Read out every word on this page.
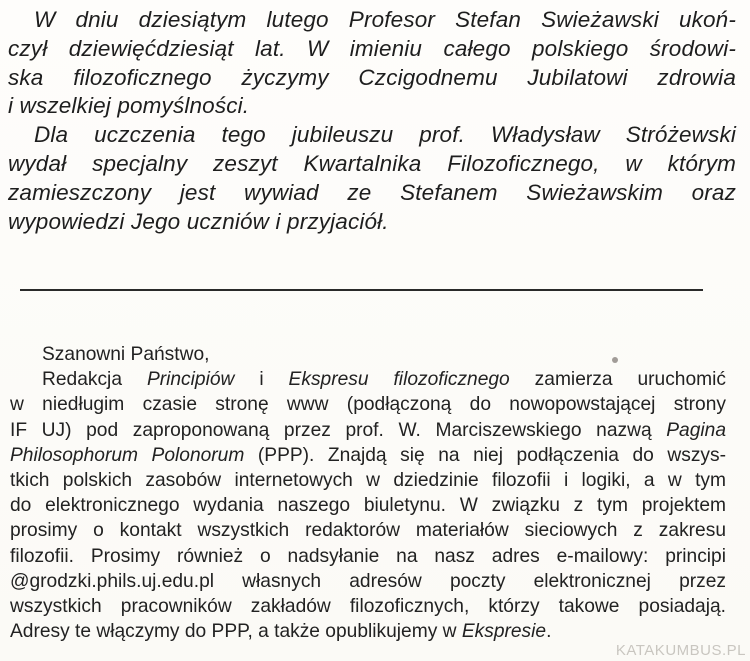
W dniu dziesiątym lutego Profesor Stefan Swieżawski ukoń-
czył dziewięćdziesiąt lat. W imieniu całego polskiego środowi-
ska filozoficznego życzymy Czcigodnemu Jubilatowi zdrowia
i wszelkiej pomyślności.

Dla uczczenia tego jubileuszu prof. Władysław Stróżewski
wydał specjalny zeszyt Kwartalnika Filozoficznego, w którym
zamieszczony jest wywiad ze Stefanem Swieżawskim oraz
wypowiedzi Jego uczniów i przyjaciół.

Szanowni Państwo,
Redakcja Principiów i Ekspresu filozoficznego zamierza uruchomić
w niedługim czasie stronę www (podłączoną do nowopowstającej strony
IF UJ) pod zaproponowaną przez prof. W. Marciszewskiego nazwą Pagina
Philosophorum Polonorum (PPP). Znajdą się na niej podłączenia do wszys-
tkich polskich zasobów internetowych w dziedzinie filozofii i logiki, a w tym
do elektronicznego wydania naszego biuletynu. W związku z tym projektem
prosimy o kontakt wszystkich redaktorów materiałów sieciowych z zakresu
filozofii. Prosimy również o nadsyłanie na nasz adres e-mailowy: principi
@grodzki.phils.uj.edu.pl własnych adresów poczty elektronicznej przez
wszystkich pracowników zakładów filozoficznych, którzy takowe posiadają.
Adresy te włączymy do PPP, a także opublikujemy w Ekspresie.

KATAKUMBUS.PL
